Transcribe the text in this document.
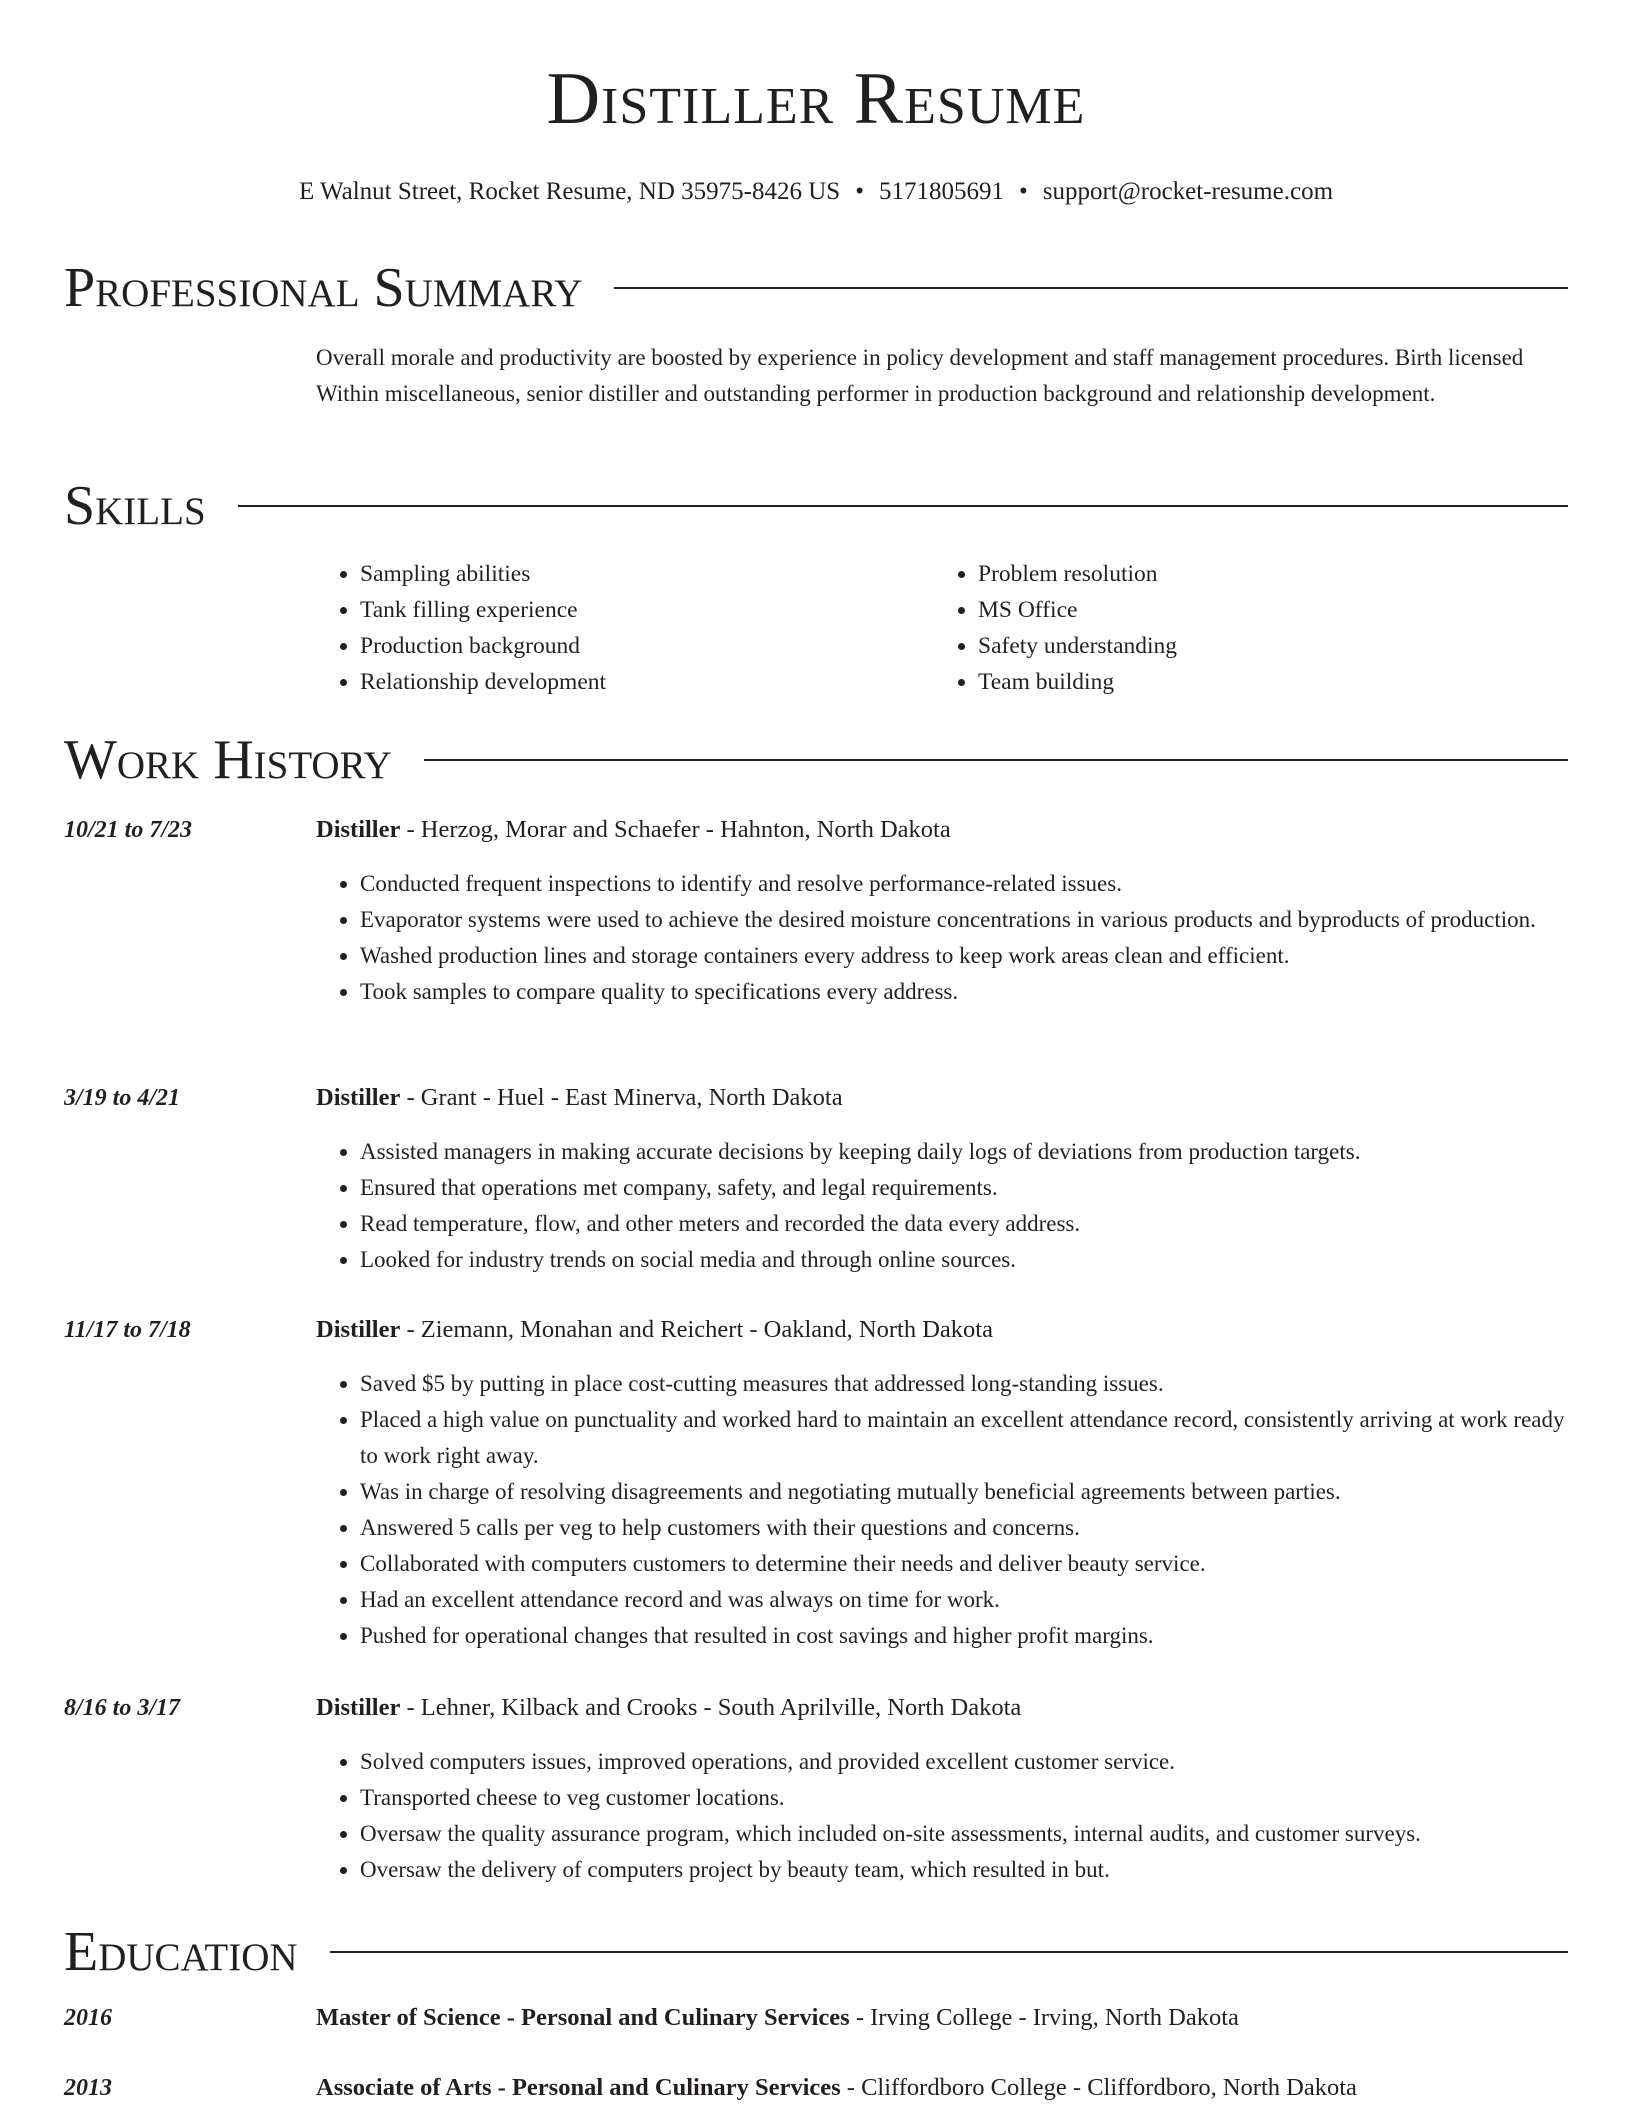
Distiller Resume
E Walnut Street, Rocket Resume, ND 35975-8426 US • 5171805691 • support@rocket-resume.com
Professional Summary
Overall morale and productivity are boosted by experience in policy development and staff management procedures. Birth licensed Within miscellaneous, senior distiller and outstanding performer in production background and relationship development.
Skills
• Sampling abilities
• Tank filling experience
• Production background
• Relationship development
• Problem resolution
• MS Office
• Safety understanding
• Team building
Work History
10/21 to 7/23	Distiller - Herzog, Morar and Schaefer - Hahnton, North Dakota
• Conducted frequent inspections to identify and resolve performance-related issues.
• Evaporator systems were used to achieve the desired moisture concentrations in various products and byproducts of production.
• Washed production lines and storage containers every address to keep work areas clean and efficient.
• Took samples to compare quality to specifications every address.
3/19 to 4/21	Distiller - Grant - Huel - East Minerva, North Dakota
• Assisted managers in making accurate decisions by keeping daily logs of deviations from production targets.
• Ensured that operations met company, safety, and legal requirements.
• Read temperature, flow, and other meters and recorded the data every address.
• Looked for industry trends on social media and through online sources.
11/17 to 7/18	Distiller - Ziemann, Monahan and Reichert - Oakland, North Dakota
• Saved $5 by putting in place cost-cutting measures that addressed long-standing issues.
• Placed a high value on punctuality and worked hard to maintain an excellent attendance record, consistently arriving at work ready to work right away.
• Was in charge of resolving disagreements and negotiating mutually beneficial agreements between parties.
• Answered 5 calls per veg to help customers with their questions and concerns.
• Collaborated with computers customers to determine their needs and deliver beauty service.
• Had an excellent attendance record and was always on time for work.
• Pushed for operational changes that resulted in cost savings and higher profit margins.
8/16 to 3/17	Distiller - Lehner, Kilback and Crooks - South Aprilville, North Dakota
• Solved computers issues, improved operations, and provided excellent customer service.
• Transported cheese to veg customer locations.
• Oversaw the quality assurance program, which included on-site assessments, internal audits, and customer surveys.
• Oversaw the delivery of computers project by beauty team, which resulted in but.
Education
2016	Master of Science - Personal and Culinary Services - Irving College - Irving, North Dakota
2013	Associate of Arts - Personal and Culinary Services - Cliffordboro College - Cliffordboro, North Dakota
